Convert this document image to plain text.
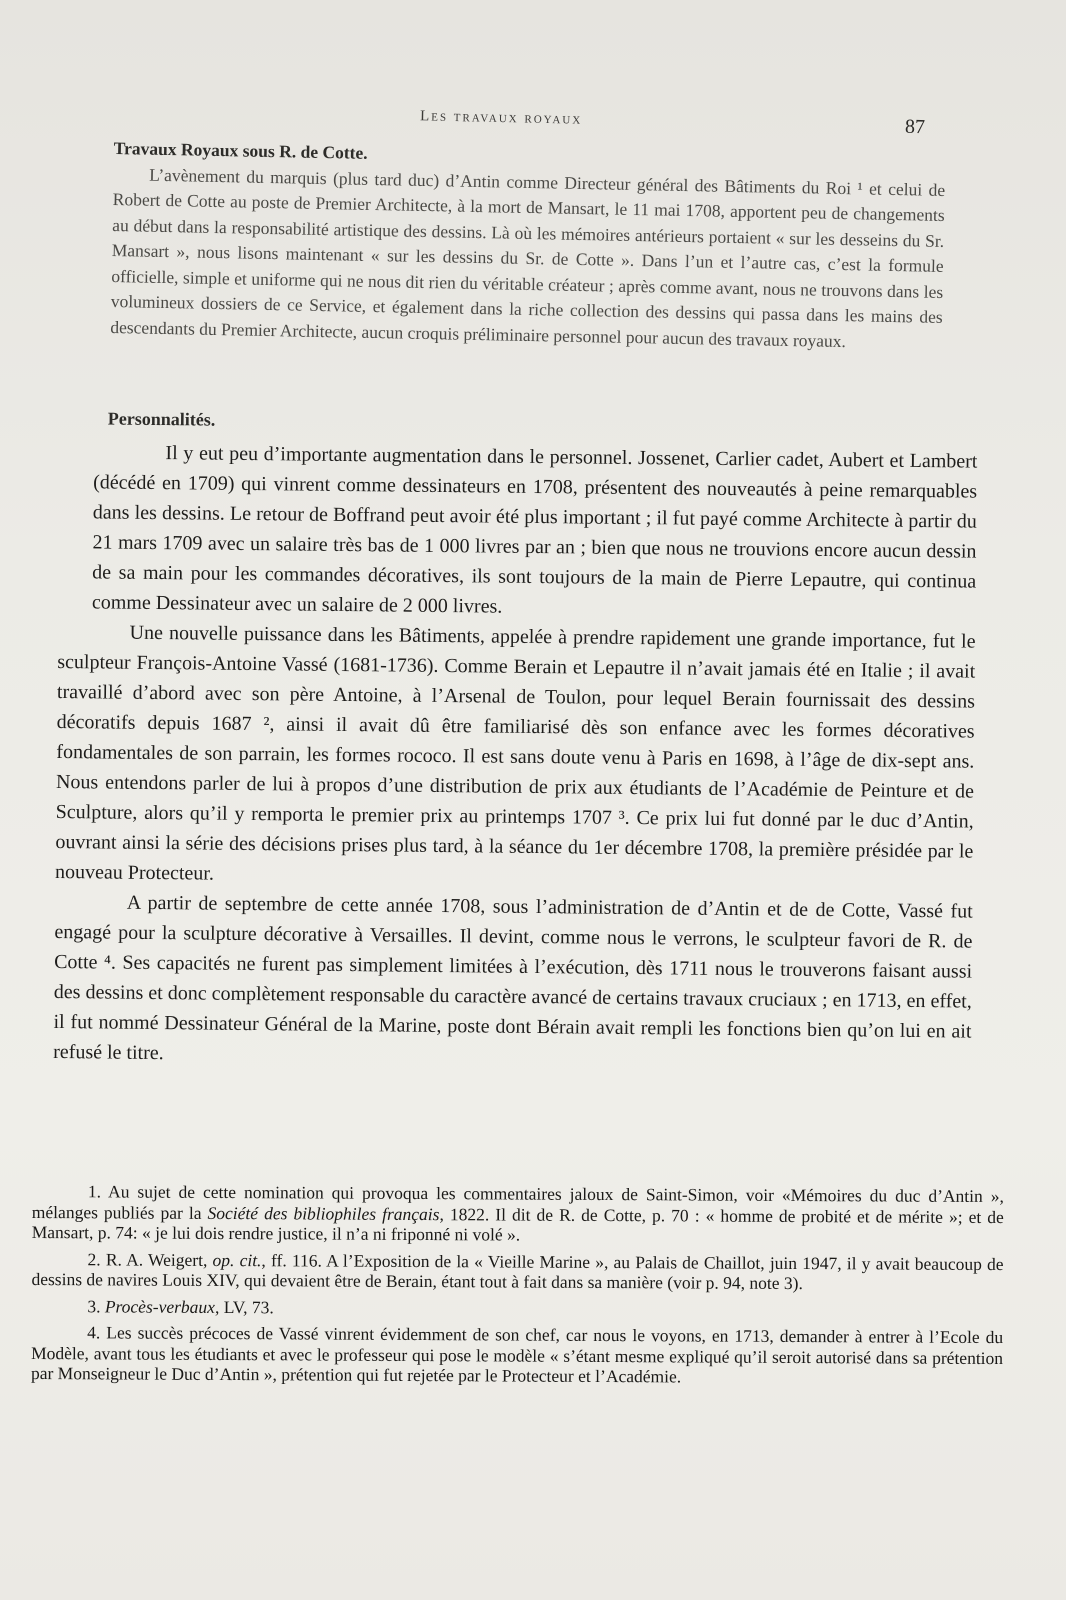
Les travaux royaux	87

Travaux Royaux sous R. de Cotte.

L’avènement du marquis (plus tard duc) d’Antin comme Directeur général des Bâtiments du Roi ¹ et celui de Robert de Cotte au poste de Premier Architecte, à la mort de Mansart, le 11 mai 1708, apportent peu de changements au début dans la responsabilité artistique des dessins. Là où les mémoires antérieurs portaient « sur les desseins du Sr. Mansart », nous lisons maintenant « sur les dessins du Sr. de Cotte ». Dans l’un et l’autre cas, c’est la formule officielle, simple et uniforme qui ne nous dit rien du véritable créateur ; après comme avant, nous ne trouvons dans les volumineux dossiers de ce Service, et également dans la riche collection des dessins qui passa dans les mains des descendants du Premier Architecte, aucun croquis préliminaire personnel pour aucun des travaux royaux.

Personnalités.

Il y eut peu d’importante augmentation dans le personnel. Jossenet, Carlier cadet, Aubert et Lambert (décédé en 1709) qui vinrent comme dessinateurs en 1708, présentent des nouveautés à peine remarquables dans les dessins. Le retour de Boffrand peut avoir été plus important ; il fut payé comme Architecte à partir du 21 mars 1709 avec un salaire très bas de 1 000 livres par an ; bien que nous ne trouvions encore aucun dessin de sa main pour les commandes décoratives, ils sont toujours de la main de Pierre Lepautre, qui continua comme Dessinateur avec un salaire de 2 000 livres.

Une nouvelle puissance dans les Bâtiments, appelée à prendre rapidement une grande importance, fut le sculpteur François-Antoine Vassé (1681-1736). Comme Berain et Lepautre il n’avait jamais été en Italie ; il avait travaillé d’abord avec son père Antoine, à l’Arsenal de Toulon, pour lequel Berain fournissait des dessins décoratifs depuis 1687 ², ainsi il avait dû être familiarisé dès son enfance avec les formes décoratives fondamentales de son parrain, les formes rococo. Il est sans doute venu à Paris en 1698, à l’âge de dix-sept ans. Nous entendons parler de lui à propos d’une distribution de prix aux étudiants de l’Académie de Peinture et de Sculpture, alors qu’il y remporta le premier prix au printemps 1707 ³. Ce prix lui fut donné par le duc d’Antin, ouvrant ainsi la série des décisions prises plus tard, à la séance du 1er décembre 1708, la première présidée par le nouveau Protecteur.

A partir de septembre de cette année 1708, sous l’administration de d’Antin et de de Cotte, Vassé fut engagé pour la sculpture décorative à Versailles. Il devint, comme nous le verrons, le sculpteur favori de R. de Cotte ⁴. Ses capacités ne furent pas simplement limitées à l’exécution, dès 1711 nous le trouverons faisant aussi des dessins et donc complètement responsable du caractère avancé de certains travaux cruciaux ; en 1713, en effet, il fut nommé Dessinateur Général de la Marine, poste dont Bérain avait rempli les fonctions bien qu’on lui en ait refusé le titre.

1. Au sujet de cette nomination qui provoqua les commentaires jaloux de Saint-Simon, voir «Mémoires du duc d’Antin », mélanges publiés par la Société des bibliophiles français, 1822. Il dit de R. de Cotte, p. 70 : « homme de probité et de mérite »; et de Mansart, p. 74: « je lui dois rendre justice, il n’a ni friponné ni volé ».

2. R. A. Weigert, op. cit., ff. 116. A l’Exposition de la « Vieille Marine », au Palais de Chaillot, juin 1947, il y avait beaucoup de dessins de navires Louis XIV, qui devaient être de Berain, étant tout à fait dans sa manière (voir p. 94, note 3).

3. Procès-verbaux, LV, 73.

4. Les succès précoces de Vassé vinrent évidemment de son chef, car nous le voyons, en 1713, demander à entrer à l’Ecole du Modèle, avant tous les étudiants et avec le professeur qui pose le modèle « s’étant mesme expliqué qu’il seroit autorisé dans sa prétention par Monseigneur le Duc d’Antin », prétention qui fut rejetée par le Protecteur et l’Académie.
